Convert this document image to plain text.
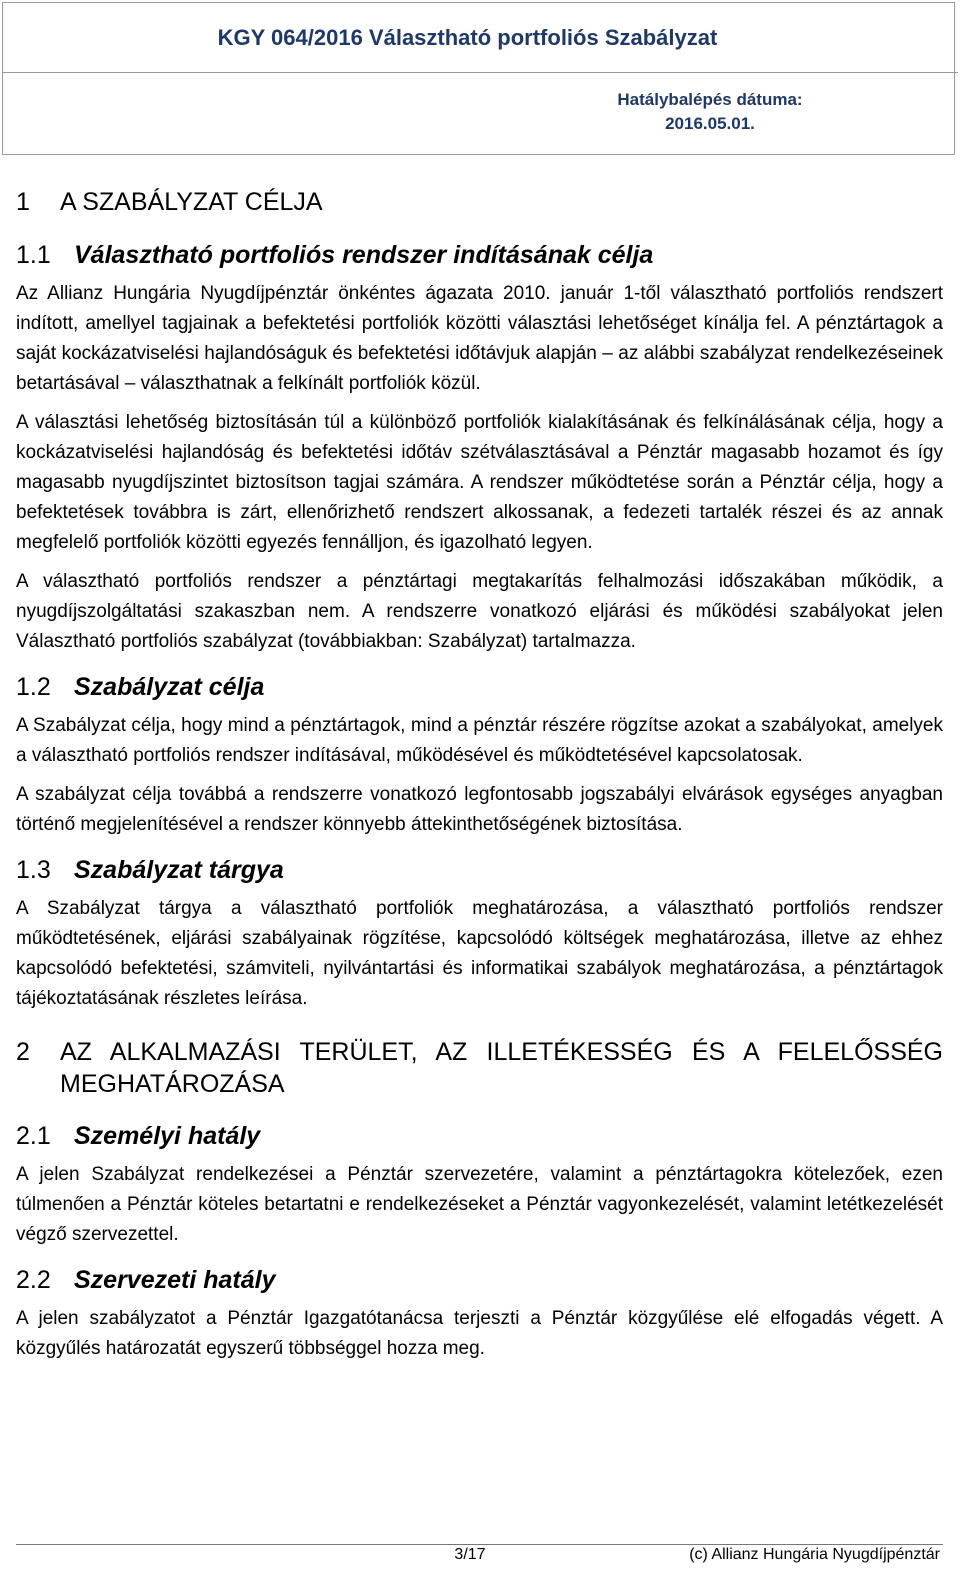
KGY 064/2016 Választható portfoliós Szabályzat
Hatálybalépés dátuma:
2016.05.01.
1 A SZABÁLYZAT CÉLJA
1.1 Választható portfoliós rendszer indításának célja

Az Allianz Hungária Nyugdíjpénztár önkéntes ágazata 2010. január 1-től választható portfoliós rendszert indított, amellyel tagjainak a befektetési portfoliók közötti választási lehetőséget kínálja fel. A pénztártagok a saját kockázatviselési hajlandóságuk és befektetési időtávjuk alapján – az alábbi szabályzat rendelkezéseinek betartásával – választhatnak a felkínált portfoliók közül.

A választási lehetőség biztosításán túl a különböző portfoliók kialakításának és felkínálásának célja, hogy a kockázatviselési hajlandóság és befektetési időtáv szétválasztásával a Pénztár magasabb hozamot és így magasabb nyugdíjszintet biztosítson tagjai számára. A rendszer működtetése során a Pénztár célja, hogy a befektetések továbbra is zárt, ellenőrizhető rendszert alkossanak, a fedezeti tartalék részei és az annak megfelelő portfoliók közötti egyezés fennálljon, és igazolható legyen.

A választható portfoliós rendszer a pénztártagi megtakarítás felhalmozási időszakában működik, a nyugdíjszolgáltatási szakaszban nem. A rendszerre vonatkozó eljárási és működési szabályokat jelen Választható portfoliós szabályzat (továbbiakban: Szabályzat) tartalmazza.

1.2 Szabályzat célja

A Szabályzat célja, hogy mind a pénztártagok, mind a pénztár részére rögzítse azokat a szabályokat, amelyek a választható portfoliós rendszer indításával, működésével és működtetésével kapcsolatosak.

A szabályzat célja továbbá a rendszerre vonatkozó legfontosabb jogszabályi elvárások egységes anyagban történő megjelenítésével a rendszer könnyebb áttekinthetőségének biztosítása.

1.3 Szabályzat tárgya

A Szabályzat tárgya a választható portfoliók meghatározása, a választható portfoliós rendszer működtetésének, eljárási szabályainak rögzítése, kapcsolódó költségek meghatározása, illetve az ehhez kapcsolódó befektetési, számviteli, nyilvántartási és informatikai szabályok meghatározása, a pénztártagok tájékoztatásának részletes leírása.

2	AZ ALKALMAZÁSI TERÜLET, AZ ILLETÉKESSÉG ÉS A FELELŐSSÉG
MEGHATÁROZÁSA
2.1 Személyi hatály

A jelen Szabályzat rendelkezései a Pénztár szervezetére, valamint a pénztártagokra kötelezőek, ezen túlmenően a Pénztár köteles betartatni e rendelkezéseket a Pénztár vagyonkezelését, valamint letétkezelését végző szervezettel.

2.2 Szervezeti hatály

A jelen szabályzatot a Pénztár Igazgatótanácsa terjeszti a Pénztár közgyűlése elé elfogadás végett. A közgyűlés határozatát egyszerű többséggel hozza meg.

3/17	(c) Allianz Hungária Nyugdíjpénztár
